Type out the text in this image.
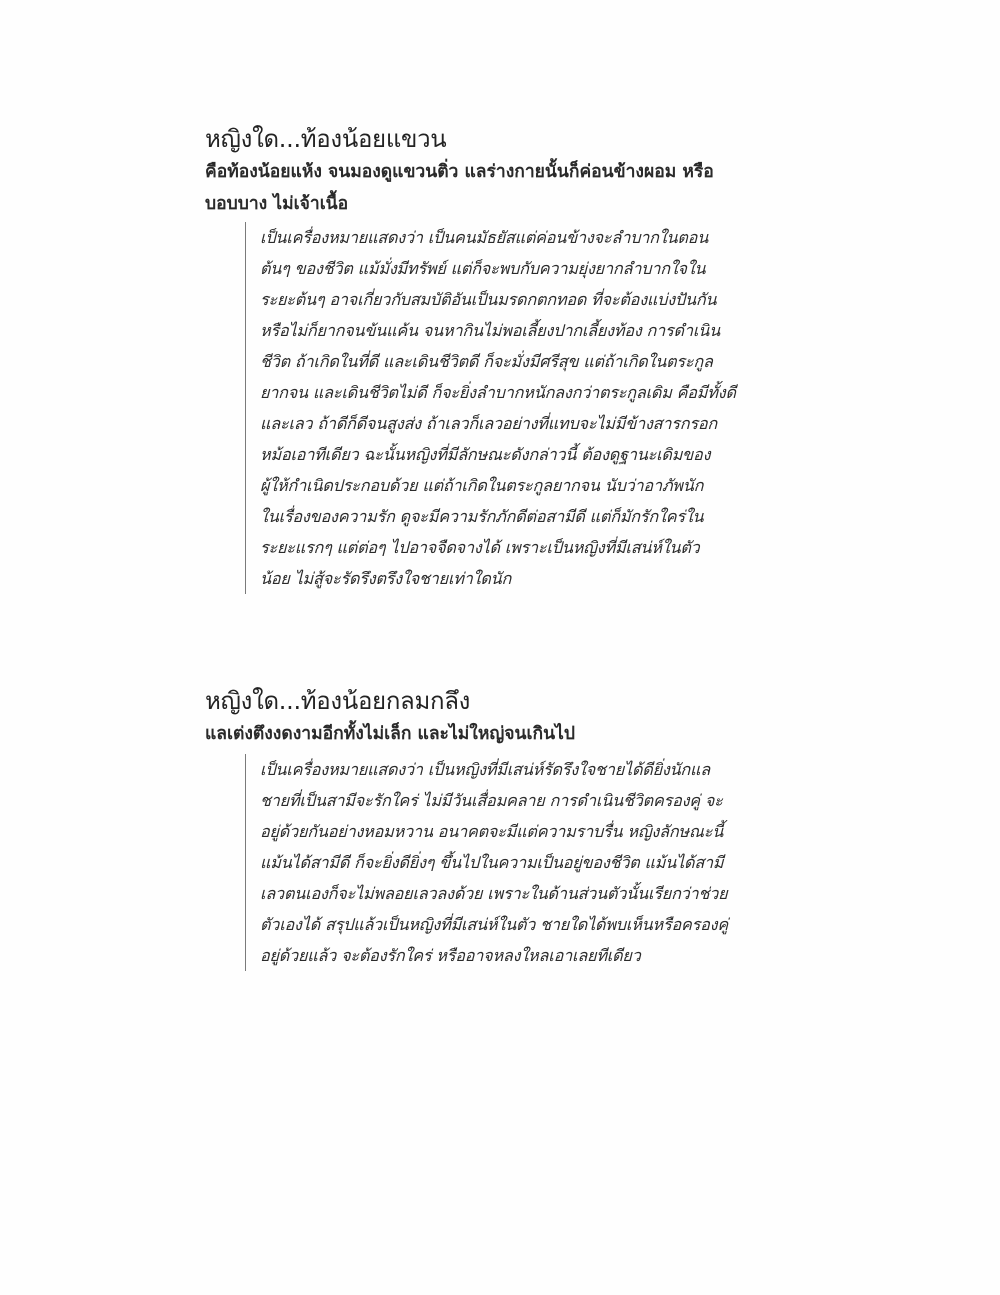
หญิงใด...ท้องน้อยแขวน
คือท้องน้อยแห้ง จนมองดูแขวนติ่ว แลร่างกายนั้นก็ค่อนข้างผอม หรือ
บอบบาง ไม่เจ้าเนื้อ
เป็นเครื่องหมายแสดงว่า เป็นคนมัธยัสแต่ค่อนข้างจะลำบากในตอน
ต้นๆ ของชีวิต แม้มั่งมีทรัพย์ แต่ก็จะพบกับความยุ่งยากลำบากใจใน
ระยะต้นๆ อาจเกี่ยวกับสมบัติอันเป็นมรดกตกทอด ที่จะต้องแบ่งปันกัน
หรือไม่ก็ยากจนข้นแค้น จนหากินไม่พอเลี้ยงปากเลี้ยงท้อง การดำเนิน
ชีวิต ถ้าเกิดในที่ดี และเดินชีวิตดี ก็จะมั่งมีศรีสุข แต่ถ้าเกิดในตระกูล
ยากจน และเดินชีวิตไม่ดี ก็จะยิ่งลำบากหนักลงกว่าตระกูลเดิม คือมีทั้งดี
และเลว ถ้าดีก็ดีจนสูงส่ง ถ้าเลวก็เลวอย่างที่แทบจะไม่มีข้างสารกรอก
หม้อเอาทีเดียว ฉะนั้นหญิงที่มีลักษณะดังกล่าวนี้ ต้องดูฐานะเดิมของ
ผู้ให้กำเนิดประกอบด้วย แต่ถ้าเกิดในตระกูลยากจน นับว่าอาภัพนัก
ในเรื่องของความรัก ดูจะมีความรักภักดีต่อสามีดี แต่ก็มักรักใคร่ใน
ระยะแรกๆ แต่ต่อๆ ไปอาจจืดจางได้ เพราะเป็นหญิงที่มีเสน่ห์ในตัว
น้อย ไม่สู้จะรัดรึงตรึงใจชายเท่าใดนัก
หญิงใด...ท้องน้อยกลมกลึง
แลเต่งตึงงดงามอีกทั้งไม่เล็ก และไม่ใหญ่จนเกินไป
เป็นเครื่องหมายแสดงว่า เป็นหญิงที่มีเสน่ห์รัดรึงใจชายได้ดียิ่งนักแล
ชายที่เป็นสามีจะรักใคร่ ไม่มีวันเสื่อมคลาย การดำเนินชีวิตครองคู่ จะ
อยู่ด้วยกันอย่างหอมหวาน อนาคตจะมีแต่ความราบรื่น หญิงลักษณะนี้
แม้นได้สามีดี ก็จะยิ่งดียิ่งๆ ขึ้นไปในความเป็นอยู่ของชีวิต แม้นได้สามี
เลวตนเองก็จะไม่พลอยเลวลงด้วย เพราะในด้านส่วนตัวนั้นเรียกว่าช่วย
ตัวเองได้ สรุปแล้วเป็นหญิงที่มีเสน่ห์ในตัว ชายใดได้พบเห็นหรือครองคู่
อยู่ด้วยแล้ว จะต้องรักใคร่ หรืออาจหลงใหลเอาเลยทีเดียว
